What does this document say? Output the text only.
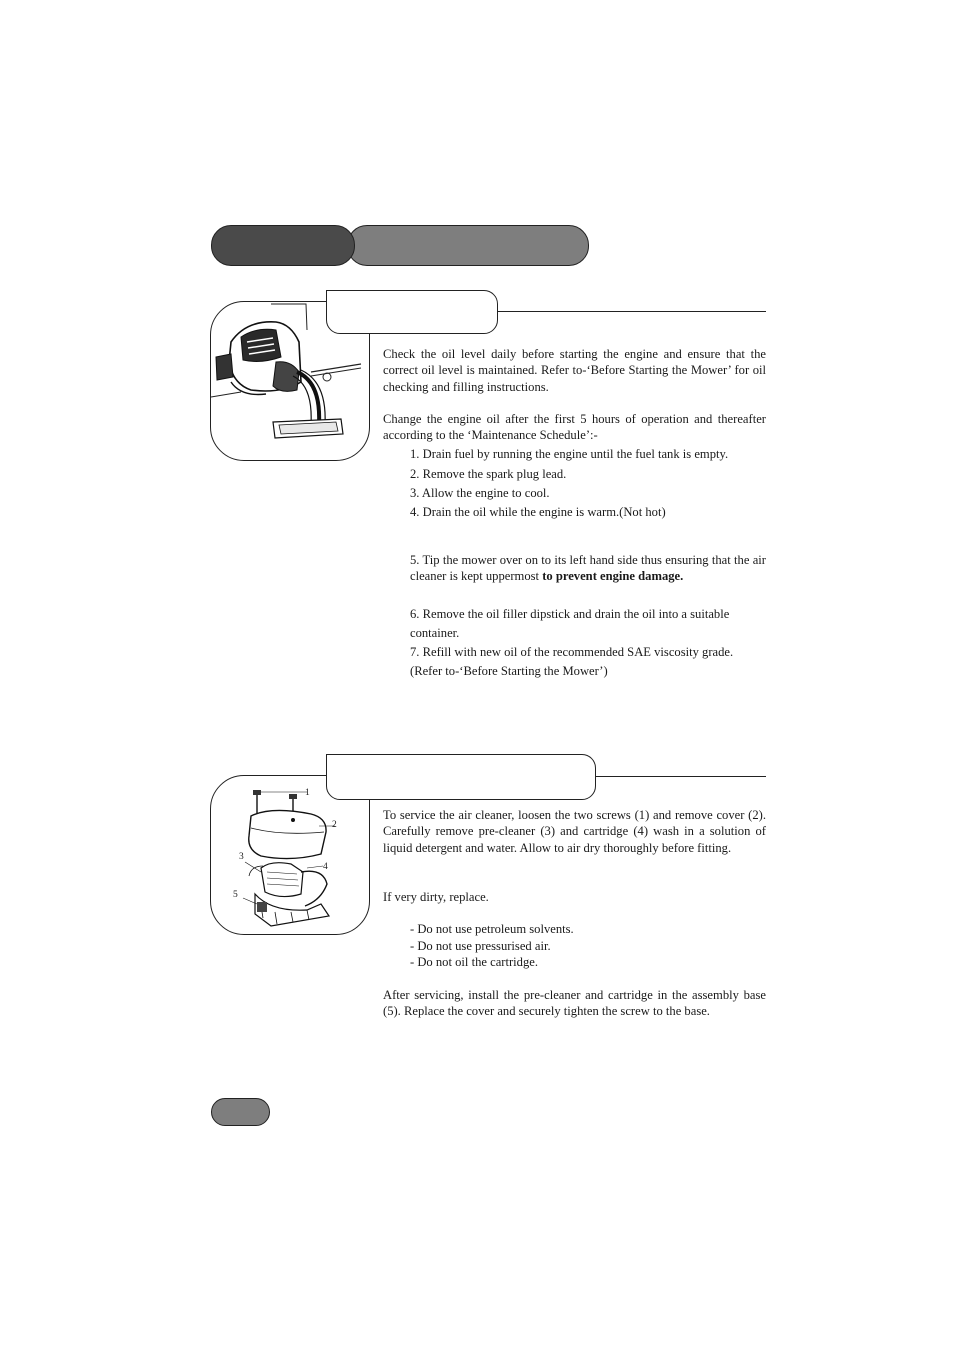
Check the oil level daily before starting the engine and ensure that the correct oil level is maintained. Refer to-‘Before Starting the Mower’ for oil checking and filling instructions.

Change the engine oil after the first 5 hours of operation and thereafter according to the ‘Maintenance Schedule’:-

1. Drain fuel by running the engine until the fuel tank is empty.

2. Remove the spark plug lead.

3. Allow the engine to cool.

4. Drain the oil while the engine is warm.(Not hot)

5. Tip the mower over on to its left hand side thus ensuring that the air cleaner is kept uppermost to prevent engine damage.

6. Remove the oil filler dipstick and drain the oil into a suitable container.

7. Refill with new oil of the recommended SAE viscosity grade. (Refer to-‘Before Starting the Mower’)

1
2
3
4
5

To service the air cleaner, loosen the two screws (1) and remove cover (2). Carefully remove pre-cleaner (3) and cartridge (4) wash in a solution of liquid detergent and water. Allow to air dry thoroughly before fitting.

If very dirty, replace.

- Do not use petroleum solvents.

- Do not use pressurised air.

- Do not oil the cartridge.

After servicing, install the pre-cleaner and cartridge in the assembly base (5). Replace the cover and securely tighten the screw to the base.
